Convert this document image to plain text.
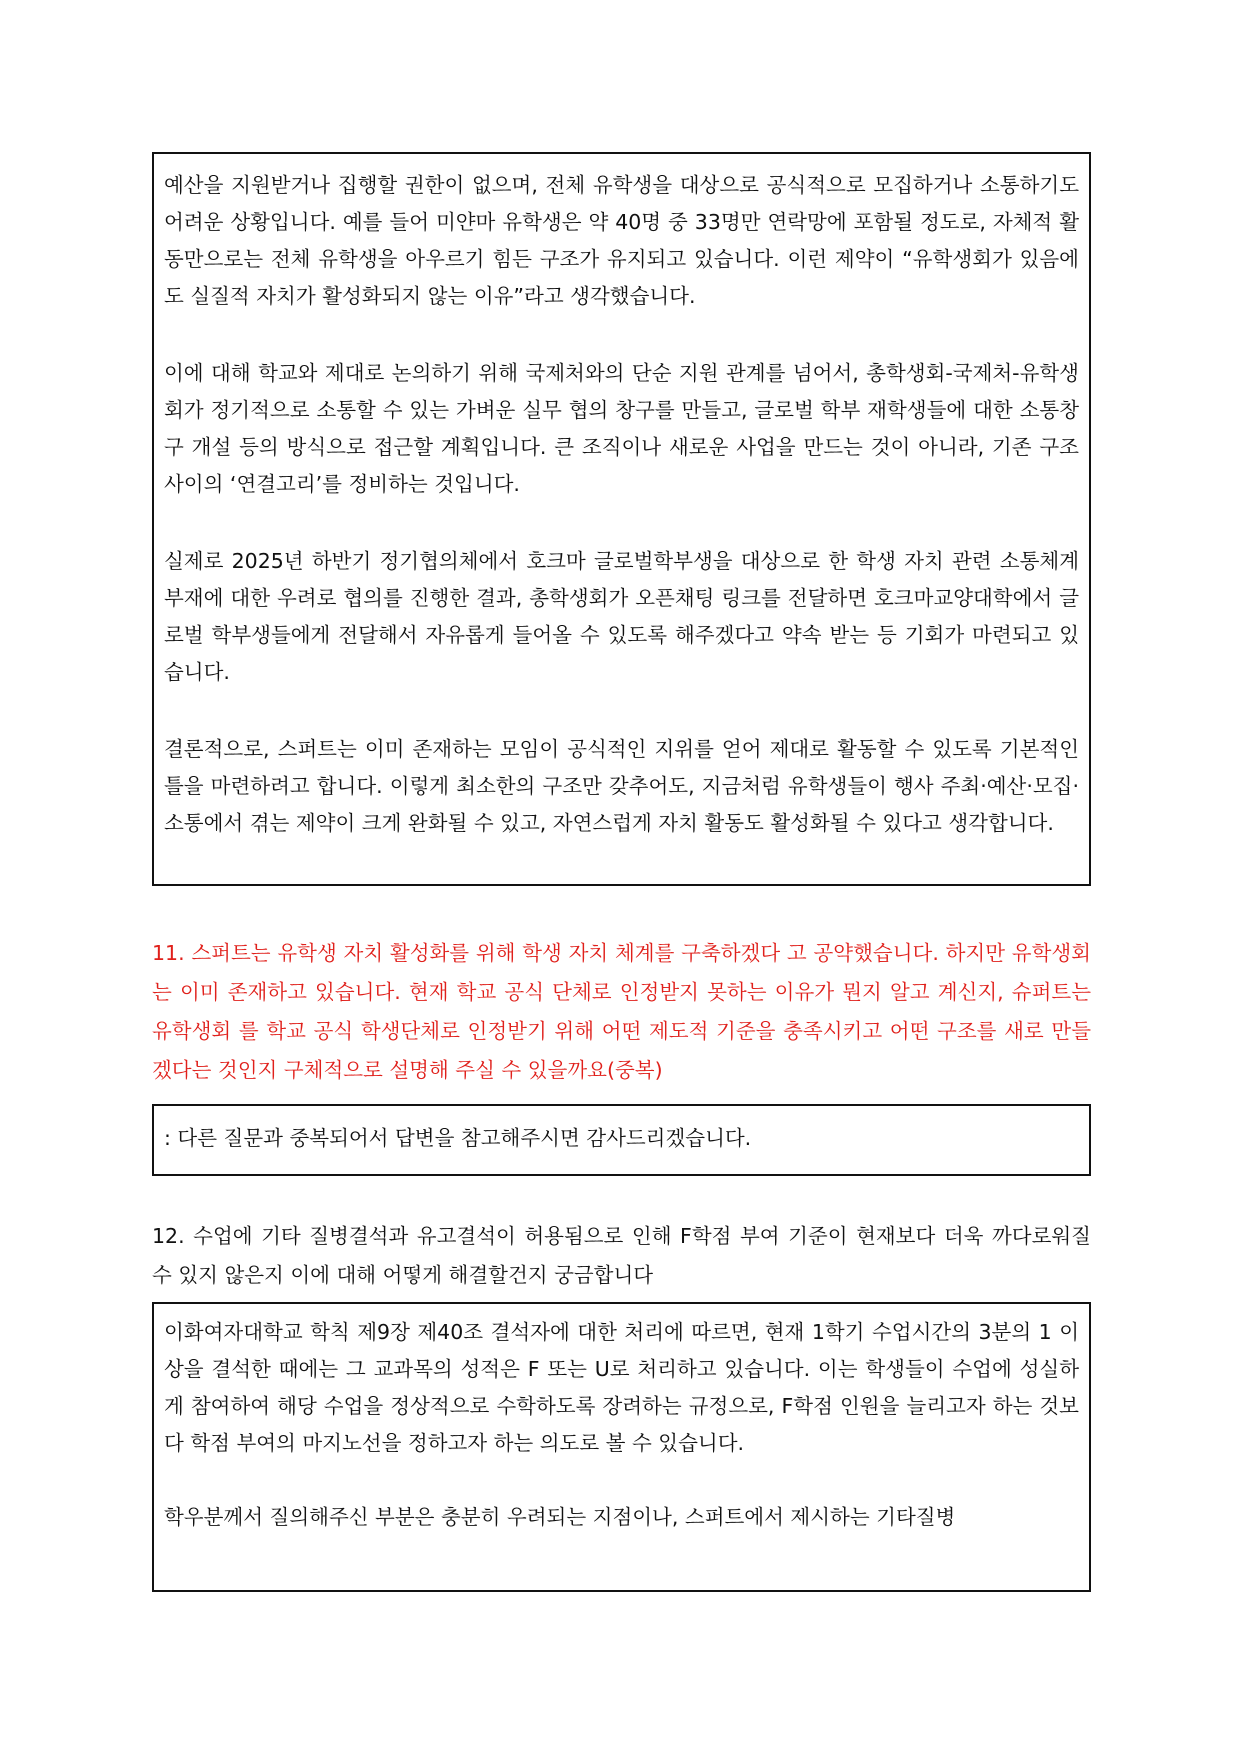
예산을 지원받거나 집행할 권한이 없으며, 전체 유학생을 대상으로 공식적으로 모집하거나 소통하기도 어려운 상황입니다. 예를 들어 미얀마 유학생은 약 40명 중 33명만 연락망에 포함될 정도로, 자체적 활동만으로는 전체 유학생을 아우르기 힘든 구조가 유지되고 있습니다. 이런 제약이 “유학생회가 있음에도 실질적 자치가 활성화되지 않는 이유”라고 생각했습니다.

이에 대해 학교와 제대로 논의하기 위해 국제처와의 단순 지원 관계를 넘어서, 총학생회-국제처-유학생회가 정기적으로 소통할 수 있는 가벼운 실무 협의 창구를 만들고, 글로벌 학부 재학생들에 대한 소통창구 개설 등의 방식으로 접근할 계획입니다. 큰 조직이나 새로운 사업을 만드는 것이 아니라, 기존 구조 사이의 ‘연결고리’를 정비하는 것입니다.

실제로 2025년 하반기 정기협의체에서 호크마 글로벌학부생을 대상으로 한 학생 자치 관련 소통체계 부재에 대한 우려로 협의를 진행한 결과, 총학생회가 오픈채팅 링크를 전달하면 호크마교양대학에서 글로벌 학부생들에게 전달해서 자유롭게 들어올 수 있도록 해주겠다고 약속 받는 등 기회가 마련되고 있습니다.

결론적으로, 스퍼트는 이미 존재하는 모임이 공식적인 지위를 얻어 제대로 활동할 수 있도록 기본적인 틀을 마련하려고 합니다. 이렇게 최소한의 구조만 갖추어도, 지금처럼 유학생들이 행사 주최·예산·모집·소통에서 겪는 제약이 크게 완화될 수 있고, 자연스럽게 자치 활동도 활성화될 수 있다고 생각합니다.

11. 스퍼트는 유학생 자치 활성화를 위해 학생 자치 체계를 구축하겠다 고 공약했습니다. 하지만 유학생회는 이미 존재하고 있습니다. 현재 학교 공식 단체로 인정받지 못하는 이유가 뭔지 알고 계신지, 슈퍼트는 유학생회 를 학교 공식 학생단체로 인정받기 위해 어떤 제도적 기준을 충족시키고 어떤 구조를 새로 만들겠다는 것인지 구체적으로 설명해 주실 수 있을까요(중복)

: 다른 질문과 중복되어서 답변을 참고해주시면 감사드리겠습니다.

12. 수업에 기타 질병결석과 유고결석이 허용됨으로 인해 F학점 부여 기준이 현재보다 더욱 까다로워질 수 있지 않은지 이에 대해 어떻게 해결할건지 궁금합니다

이화여자대학교 학칙 제9장 제40조 결석자에 대한 처리에 따르면, 현재 1학기 수업시간의 3분의 1 이상을 결석한 때에는 그 교과목의 성적은 F 또는 U로 처리하고 있습니다. 이는 학생들이 수업에 성실하게 참여하여 해당 수업을 정상적으로 수학하도록 장려하는 규정으로, F학점 인원을 늘리고자 하는 것보다 학점 부여의 마지노선을 정하고자 하는 의도로 볼 수 있습니다.

학우분께서 질의해주신 부분은 충분히 우려되는 지점이나, 스퍼트에서 제시하는 기타질병
